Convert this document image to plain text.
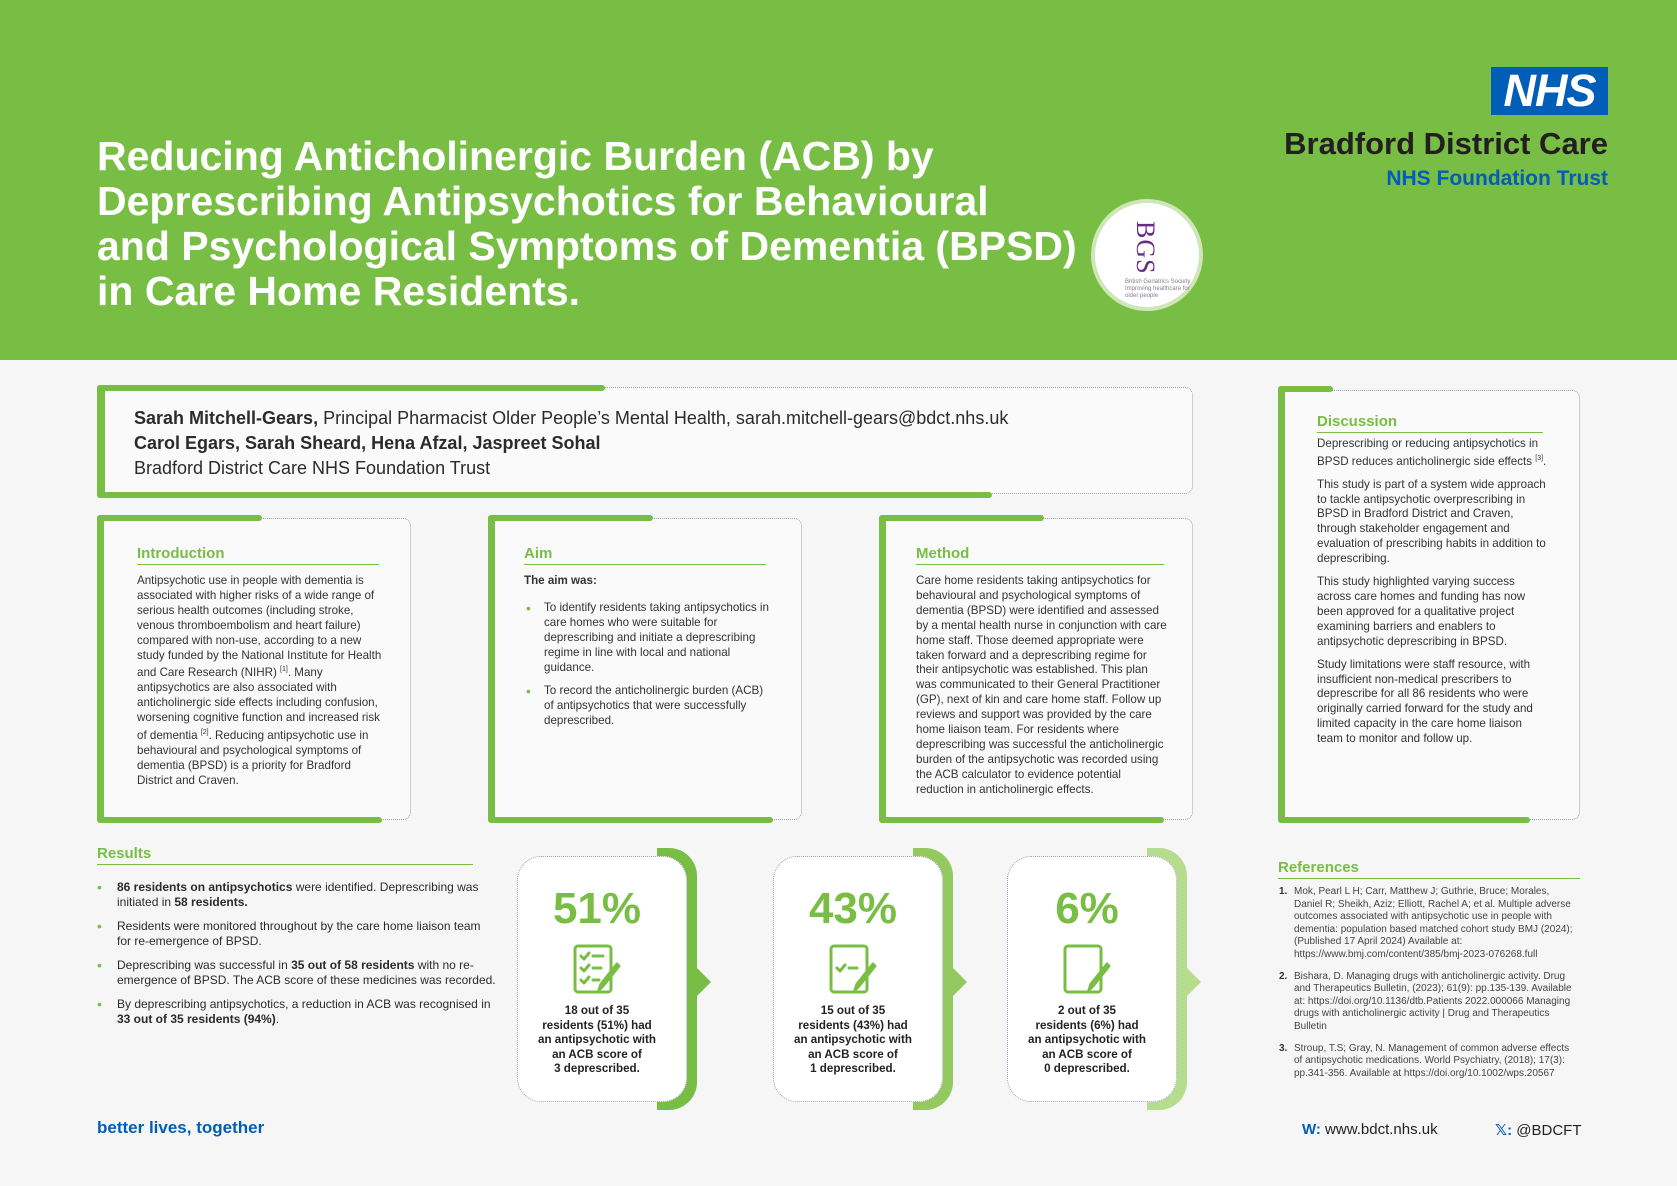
Reducing Anticholinergic Burden (ACB) by
Deprescribing Antipsychotics for Behavioural
and Psychological Symptoms of Dementia (BPSD)
in Care Home Residents.
BGS
British Geriatrics Society Improving healthcare for older people
NHS
Bradford District Care
NHS Foundation Trust
Sarah Mitchell-Gears, Principal Pharmacist Older People’s Mental Health, sarah.mitchell-gears@bdct.nhs.uk
Carol Egars, Sarah Sheard, Hena Afzal, Jaspreet Sohal
Bradford District Care NHS Foundation Trust
Introduction
Antipsychotic use in people with dementia is associated with higher risks of a wide range of serious health outcomes (including stroke, venous thromboembolism and heart failure) compared with non-use, according to a new study funded by the National Institute for Health and Care Research (NIHR) [1]. Many antipsychotics are also associated with anticholinergic side effects including confusion, worsening cognitive function and increased risk of dementia [2]. Reducing antipsychotic use in behavioural and psychological symptoms of dementia (BPSD) is a priority for Bradford District and Craven.
Aim

The aim was:

• To identify residents taking antipsychotics in care homes who were suitable for deprescribing and initiate a deprescribing regime in line with local and national guidance.
• To record the anticholinergic burden (ACB) of antipsychotics that were successfully deprescribed.
Method
Care home residents taking antipsychotics for behavioural and psychological symptoms of dementia (BPSD) were identified and assessed by a mental health nurse in conjunction with care home staff. Those deemed appropriate were taken forward and a deprescribing regime for their antipsychotic was established. This plan was communicated to their General Practitioner (GP), next of kin and care home staff. Follow up reviews and support was provided by the care home liaison team. For residents where deprescribing was successful the anticholinergic burden of the antipsychotic was recorded using the ACB calculator to evidence potential reduction in anticholinergic effects.
Discussion

Deprescribing or reducing antipsychotics in BPSD reduces anticholinergic side effects [3].

This study is part of a system wide approach to tackle antipsychotic overprescribing in BPSD in Bradford District and Craven, through stakeholder engagement and evaluation of prescribing habits in addition to deprescribing.

This study highlighted varying success across care homes and funding has now been approved for a qualitative project examining barriers and enablers to antipsychotic deprescribing in BPSD.

Study limitations were staff resource, with insufficient non-medical prescribers to deprescribe for all 86 residents who were originally carried forward for the study and limited capacity in the care home liaison team to monitor and follow up.

Results
• 86 residents on antipsychotics were identified. Deprescribing was initiated in 58 residents.
• Residents were monitored throughout by the care home liaison team for re-emergence of BPSD.
• Deprescribing was successful in 35 out of 58 residents with no re-emergence of BPSD. The ACB score of these medicines was recorded.
• By deprescribing antipsychotics, a reduction in ACB was recognised in 33 out of 35 residents (94%).
51%
18 out of 35
residents (51%) had
an antipsychotic with
an ACB score of
3 deprescribed.
43%
15 out of 35
residents (43%) had
an antipsychotic with
an ACB score of
1 deprescribed.
6%
2 out of 35
residents (6%) had
an antipsychotic with
an ACB score of
0 deprescribed.
References
1. Mok, Pearl L H; Carr, Matthew J; Guthrie, Bruce; Morales, Daniel R; Sheikh, Aziz; Elliott, Rachel A; et al. Multiple adverse outcomes associated with antipsychotic use in people with dementia: population based matched cohort study BMJ (2024); (Published 17 April 2024) Available at: https://www.bmj.com/content/385/bmj-2023-076268.full
2. Bishara, D. Managing drugs with anticholinergic activity. Drug and Therapeutics Bulletin, (2023); 61(9): pp.135-139. Available at: https://doi.org/10.1136/dtb.Patients 2022.000066 Managing drugs with anticholinergic activity | Drug and Therapeutics Bulletin
3. Stroup, T.S; Gray, N. Management of common adverse effects of antipsychotic medications. World Psychiatry, (2018); 17(3): pp.341-356. Available at https://doi.org/10.1002/wps.20567
better lives, together	W: www.bdct.nhs.uk	𝕏: @BDCFT
